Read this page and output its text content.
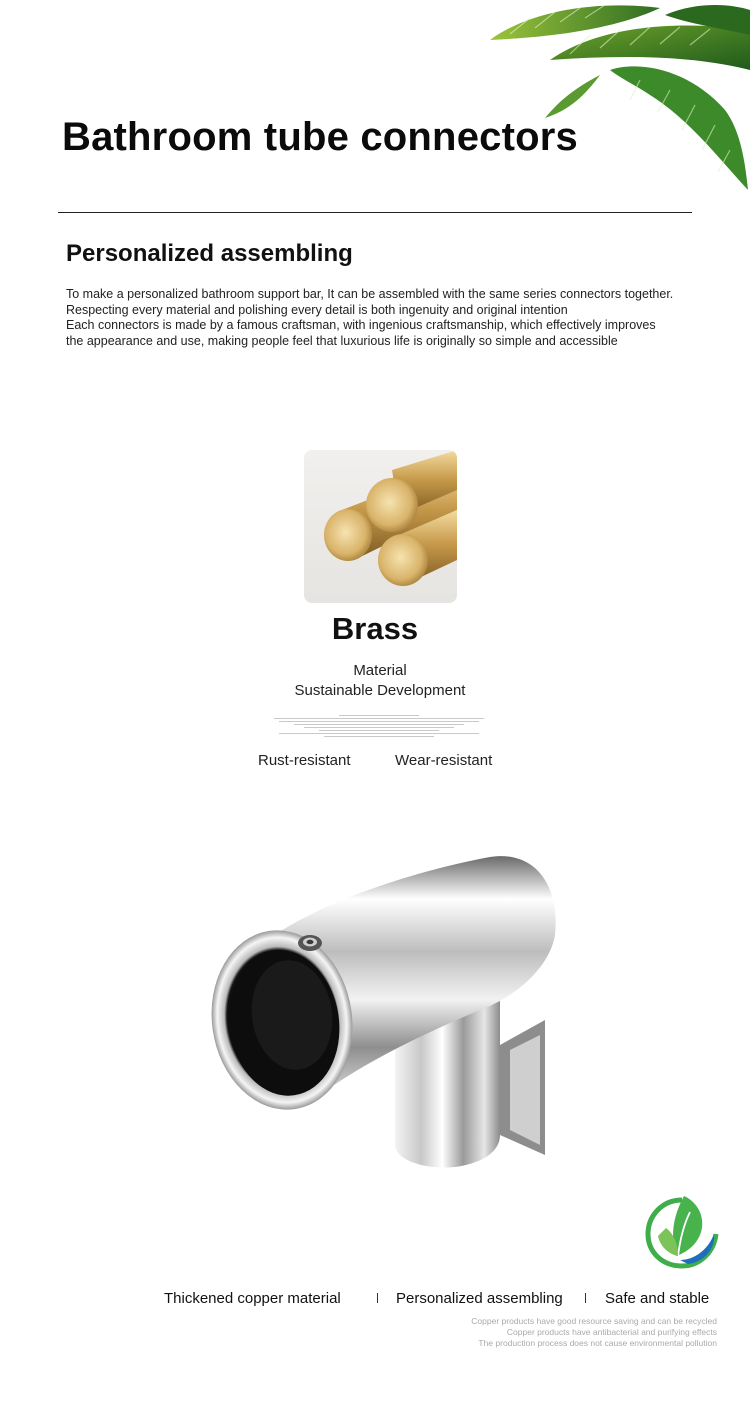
Bathroom tube connectors
Personalized assembling
To make a personalized bathroom support bar, It can be assembled with the same series connectors together.
Respecting every material and polishing every detail is both ingenuity and original intention
Each connectors is made by a famous craftsman, with ingenious craftsmanship, which effectively improves
the appearance and use, making people feel that luxurious life is originally so simple and accessible
Brass
Material
Sustainable Development
Rust-resistant	Wear-resistant
Thickened copper material	Personalized assembling	Safe and stable
Copper products have good resource saving and can be recycled
Copper products have antibacterial and purifying effects
The production process does not cause environmental pollution
